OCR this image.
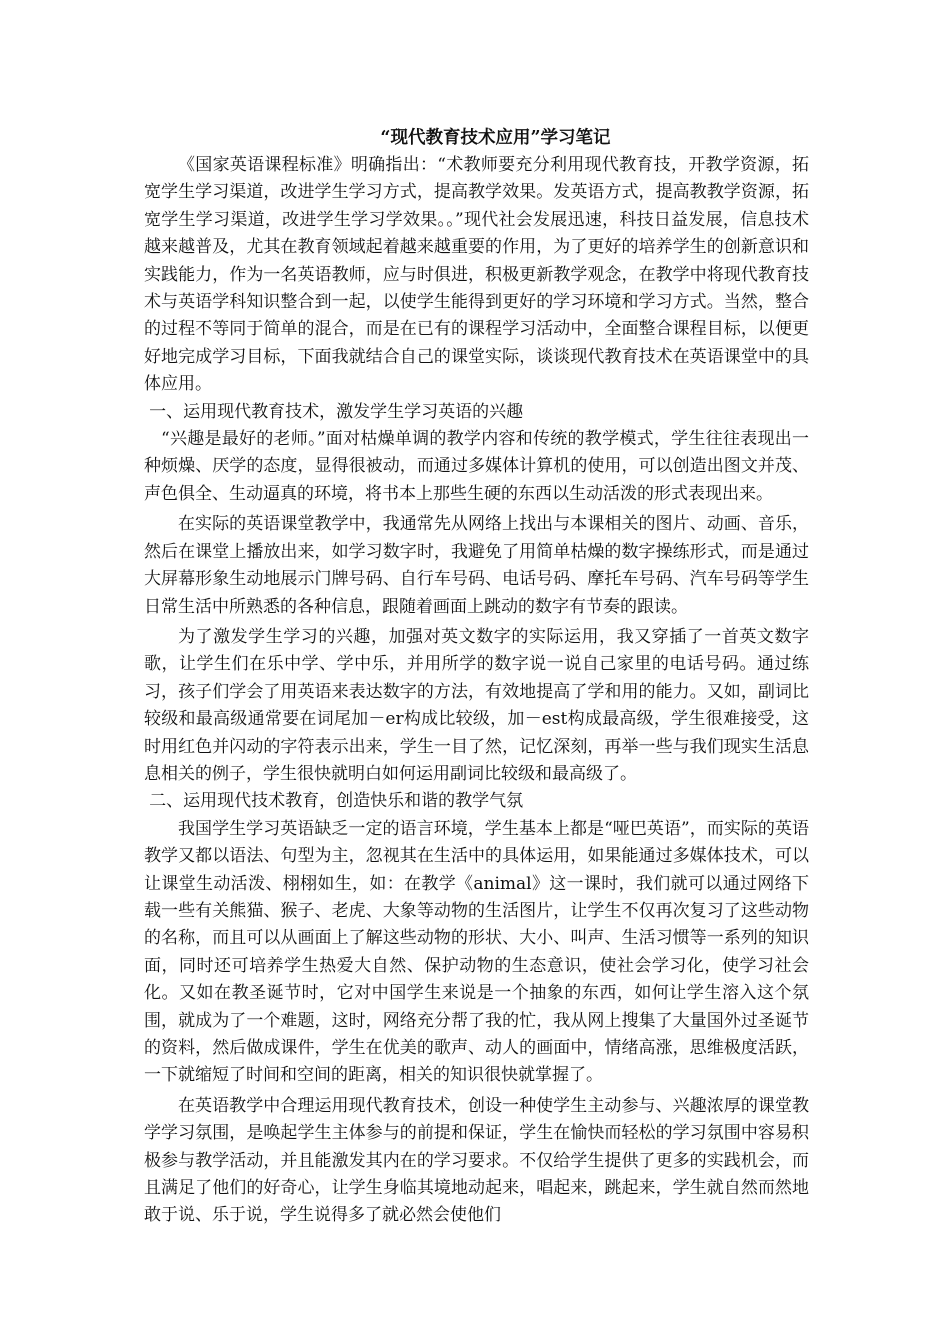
“现代教育技术应用”学习笔记

《国家英语课程标准》明确指出：“术教师要充分利用现代教育技，开教学资源，拓宽学生学习渠道，改进学生学习方式，提高教学效果。发英语方式，提高教教学资源，拓宽学生学习渠道，改进学生学习学效果。。”现代社会发展迅速，科技日益发展，信息技术越来越普及，尤其在教育领域起着越来越重要的作用，为了更好的培养学生的创新意识和实践能力，作为一名英语教师，应与时俱进，积极更新教学观念，在教学中将现代教育技术与英语学科知识整合到一起，以使学生能得到更好的学习环境和学习方式。当然，整合的过程不等同于简单的混合，而是在已有的课程学习活动中，全面整合课程目标，以便更好地完成学习目标，下面我就结合自己的课堂实际，谈谈现代教育技术在英语课堂中的具体应用。

一、运用现代教育技术，激发学生学习英语的兴趣

“兴趣是最好的老师。”面对枯燥单调的教学内容和传统的教学模式，学生往往表现出一种烦燥、厌学的态度，显得很被动，而通过多媒体计算机的使用，可以创造出图文并茂、声色俱全、生动逼真的环境，将书本上那些生硬的东西以生动活泼的形式表现出来。

在实际的英语课堂教学中，我通常先从网络上找出与本课相关的图片、动画、音乐，然后在课堂上播放出来，如学习数字时，我避免了用简单枯燥的数字操练形式，而是通过大屏幕形象生动地展示门牌号码、自行车号码、电话号码、摩托车号码、汽车号码等学生日常生活中所熟悉的各种信息，跟随着画面上跳动的数字有节奏的跟读。

为了激发学生学习的兴趣，加强对英文数字的实际运用，我又穿插了一首英文数字歌，让学生们在乐中学、学中乐，并用所学的数字说一说自己家里的电话号码。通过练习，孩子们学会了用英语来表达数字的方法，有效地提高了学和用的能力。又如，副词比较级和最高级通常要在词尾加－er构成比较级，加－est构成最高级，学生很难接受，这时用红色并闪动的字符表示出来，学生一目了然，记忆深刻，再举一些与我们现实生活息息相关的例子，学生很快就明白如何运用副词比较级和最高级了。

二、运用现代技术教育，创造快乐和谐的教学气氛

我国学生学习英语缺乏一定的语言环境，学生基本上都是“哑巴英语”，而实际的英语教学又都以语法、句型为主，忽视其在生活中的具体运用，如果能通过多媒体技术，可以让课堂生动活泼、栩栩如生，如：在教学《animal》这一课时，我们就可以通过网络下载一些有关熊猫、猴子、老虎、大象等动物的生活图片，让学生不仅再次复习了这些动物的名称，而且可以从画面上了解这些动物的形状、大小、叫声、生活习惯等一系列的知识面，同时还可培养学生热爱大自然、保护动物的生态意识，使社会学习化，使学习社会化。又如在教圣诞节时，它对中国学生来说是一个抽象的东西，如何让学生溶入这个氛围，就成为了一个难题，这时，网络充分帮了我的忙，我从网上搜集了大量国外过圣诞节的资料，然后做成课件，学生在优美的歌声、动人的画面中，情绪高涨，思维极度活跃，一下就缩短了时间和空间的距离，相关的知识很快就掌握了。

在英语教学中合理运用现代教育技术，创设一种使学生主动参与、兴趣浓厚的课堂教学学习氛围，是唤起学生主体参与的前提和保证，学生在愉快而轻松的学习氛围中容易积极参与教学活动，并且能激发其内在的学习要求。不仅给学生提供了更多的实践机会，而且满足了他们的好奇心，让学生身临其境地动起来，唱起来，跳起来，学生就自然而然地敢于说、乐于说，学生说得多了就必然会使他们
